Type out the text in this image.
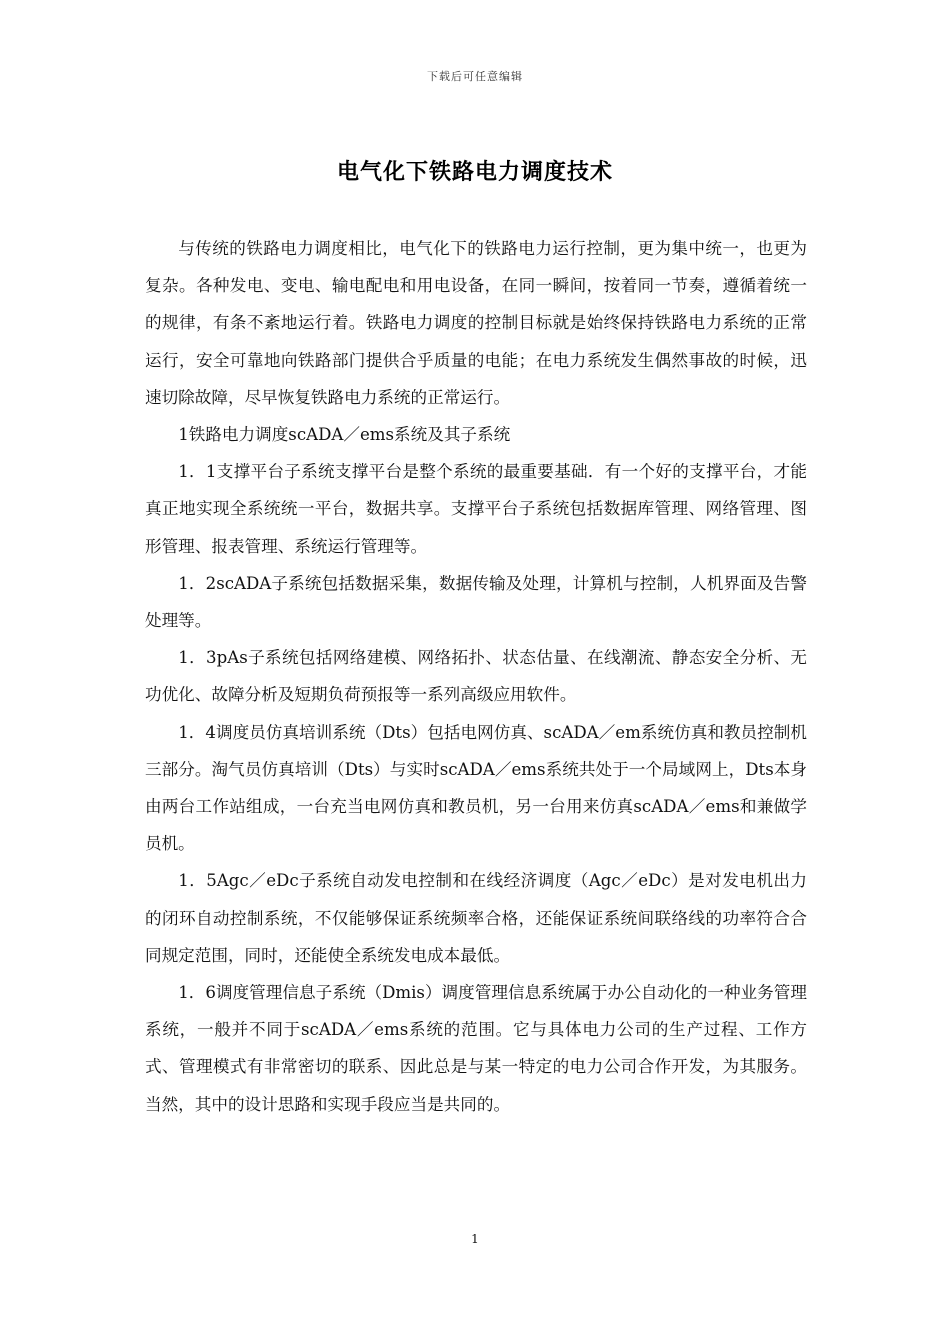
下载后可任意编辑
电气化下铁路电力调度技术

与传统的铁路电力调度相比，电气化下的铁路电力运行控制，更为集中统一，也更为复杂。各种发电、变电、输电配电和用电设备，在同一瞬间，按着同一节奏，遵循着统一的规律，有条不紊地运行着。铁路电力调度的控制目标就是始终保持铁路电力系统的正常运行，安全可靠地向铁路部门提供合乎质量的电能；在电力系统发生偶然事故的时候，迅速切除故障，尽早恢复铁路电力系统的正常运行。

1铁路电力调度scADA／ems系统及其子系统

1．1支撑平台子系统支撑平台是整个系统的最重要基础．有一个好的支撑平台，才能真正地实现全系统统一平台，数据共享。支撑平台子系统包括数据库管理、网络管理、图形管理、报表管理、系统运行管理等。

1．2scADA子系统包括数据采集，数据传输及处理，计算机与控制，人机界面及告警处理等。

1．3pAs子系统包括网络建模、网络拓扑、状态估量、在线潮流、静态安全分析、无功优化、故障分析及短期负荷预报等一系列高级应用软件。

1．4调度员仿真培训系统（Dts）包括电网仿真、scADA／em系统仿真和教员控制机三部分。淘气员仿真培训（Dts）与实时scADA／ems系统共处于一个局域网上，Dts本身由两台工作站组成，一台充当电网仿真和教员机，另一台用来仿真scADA／ems和兼做学员机。

1．5Agc／eDc子系统自动发电控制和在线经济调度（Agc／eDc）是对发电机出力的闭环自动控制系统，不仅能够保证系统频率合格，还能保证系统间联络线的功率符合合同规定范围，同时，还能使全系统发电成本最低。

1．6调度管理信息子系统（Dmis）调度管理信息系统属于办公自动化的一种业务管理系统，一般并不同于scADA／ems系统的范围。它与具体电力公司的生产过程、工作方式、管理模式有非常密切的联系、因此总是与某一特定的电力公司合作开发，为其服务。当然，其中的设计思路和实现手段应当是共同的。

1
